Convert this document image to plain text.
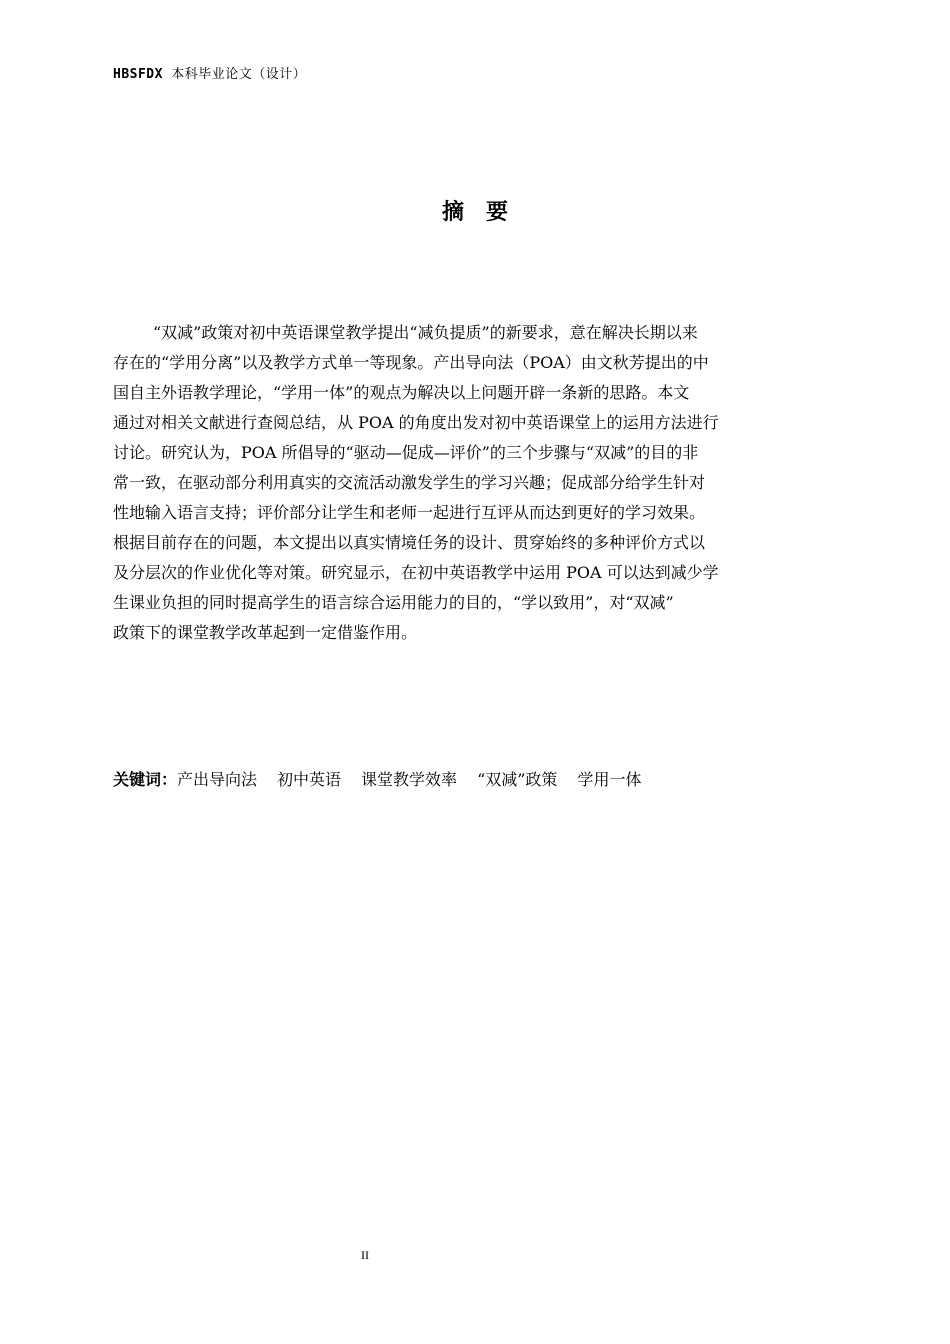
HBSFDX 本科毕业论文（设计）
摘要

“双减”政策对初中英语课堂教学提出“减负提质”的新要求，意在解决长期以来
存在的“学用分离”以及教学方式单一等现象。产出导向法（POA）由文秋芳提出的中
国自主外语教学理论，“学用一体”的观点为解决以上问题开辟一条新的思路。本文
通过对相关文献进行查阅总结，从 POA 的角度出发对初中英语课堂上的运用方法进行
讨论。研究认为，POA 所倡导的“驱动—促成—评价”的三个步骤与“双减”的目的非
常一致，在驱动部分利用真实的交流活动激发学生的学习兴趣；促成部分给学生针对
性地输入语言支持；评价部分让学生和老师一起进行互评从而达到更好的学习效果。
根据目前存在的问题，本文提出以真实情境任务的设计、贯穿始终的多种评价方式以
及分层次的作业优化等对策。研究显示，在初中英语教学中运用 POA 可以达到减少学
生课业负担的同时提高学生的语言综合运用能力的目的，“学以致用”，对“双减”
政策下的课堂教学改革起到一定借鉴作用。

关键词：产出导向法 初中英语 课堂教学效率 “双减”政策 学用一体
II
